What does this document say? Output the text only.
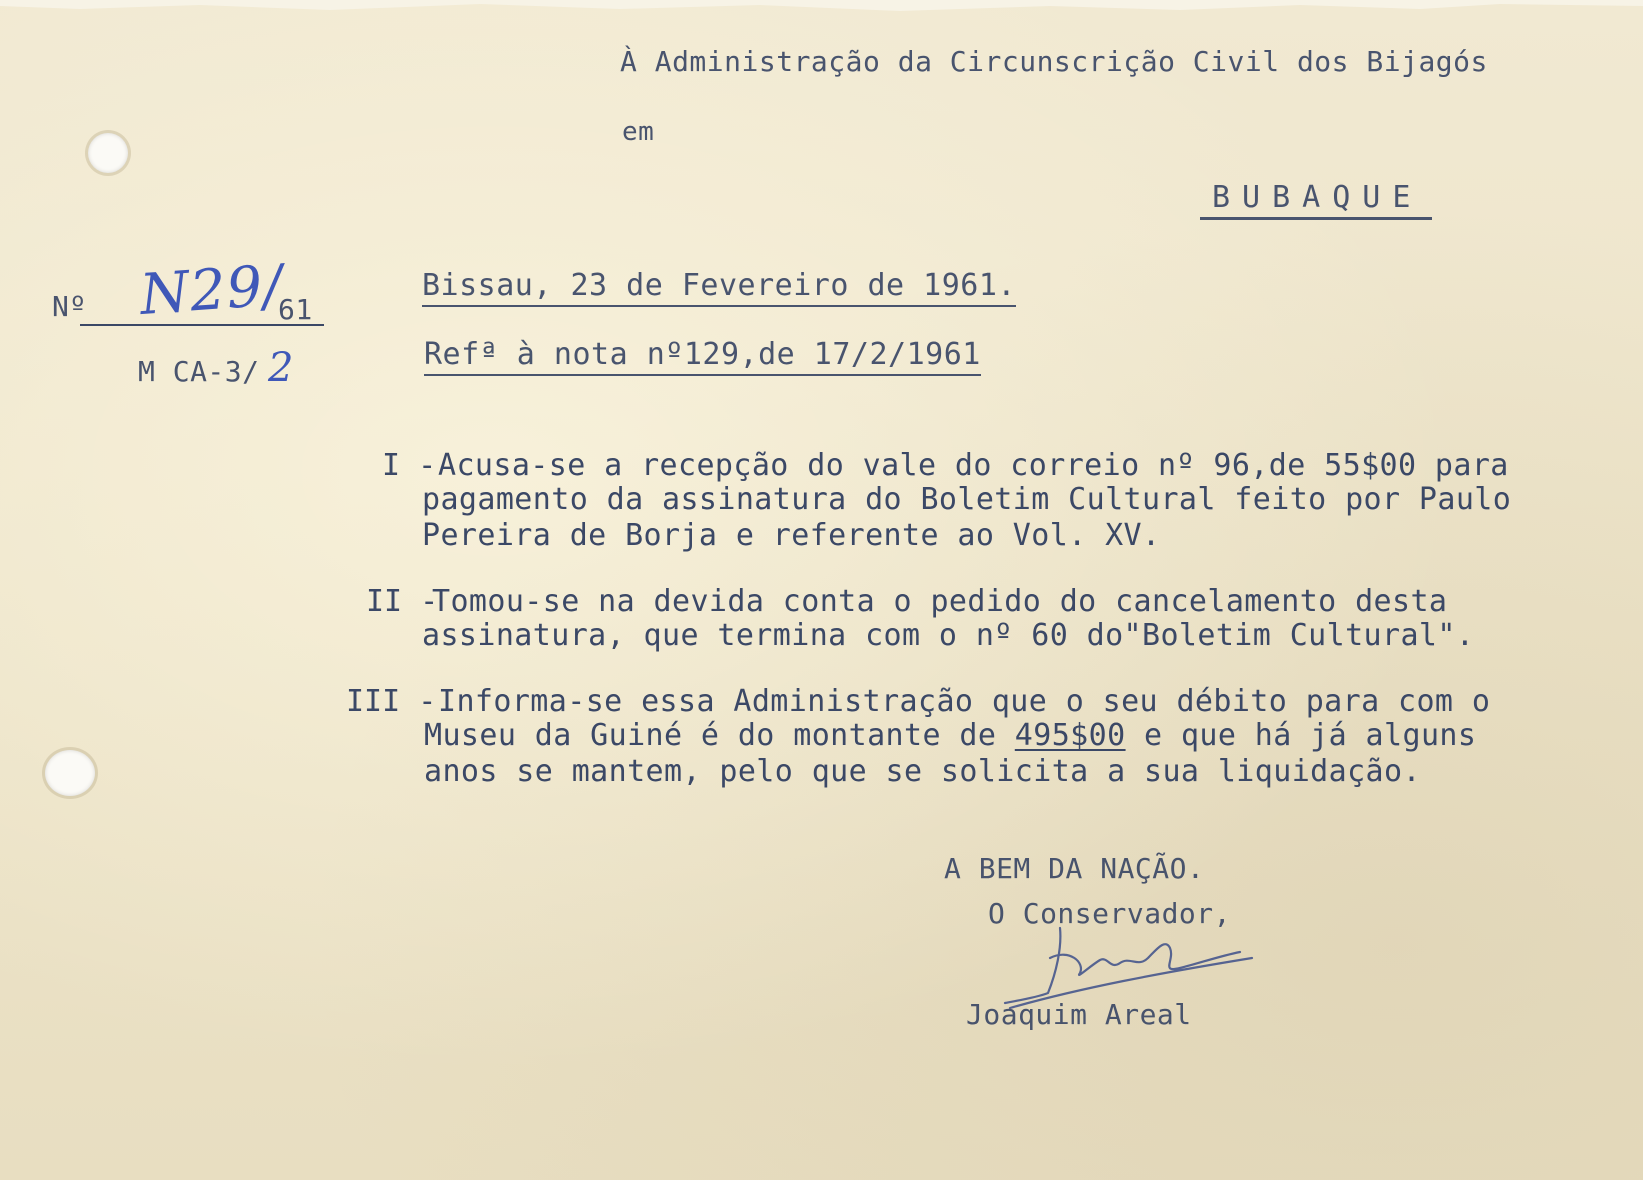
À Administração da Circunscrição Civil dos Bijagós
em
BUBAQUE
Nº N29/
61
M CA-3/ 2
Bissau, 23 de Fevereiro de 1961.
Refª à nota nº129,de 17/2/1961
I - Acusa-se a recepção do vale do correio nº 96,de 55$00 para
pagamento da assinatura do Boletim Cultural feito por Paulo
Pereira de Borja e referente ao Vol. XV.
II -
Tomou-se na devida conta o pedido do cancelamento desta
assinatura, que termina com o nº 60 do"Boletim Cultural".
III - Informa-se essa Administração que o seu débito para com o
Museu da Guiné é do montante de 495$00 e que há já alguns
anos se mantem, pelo que se solicita a sua liquidação.
A BEM DA NAÇÃO.
O Conservador,
Joaquim Areal
